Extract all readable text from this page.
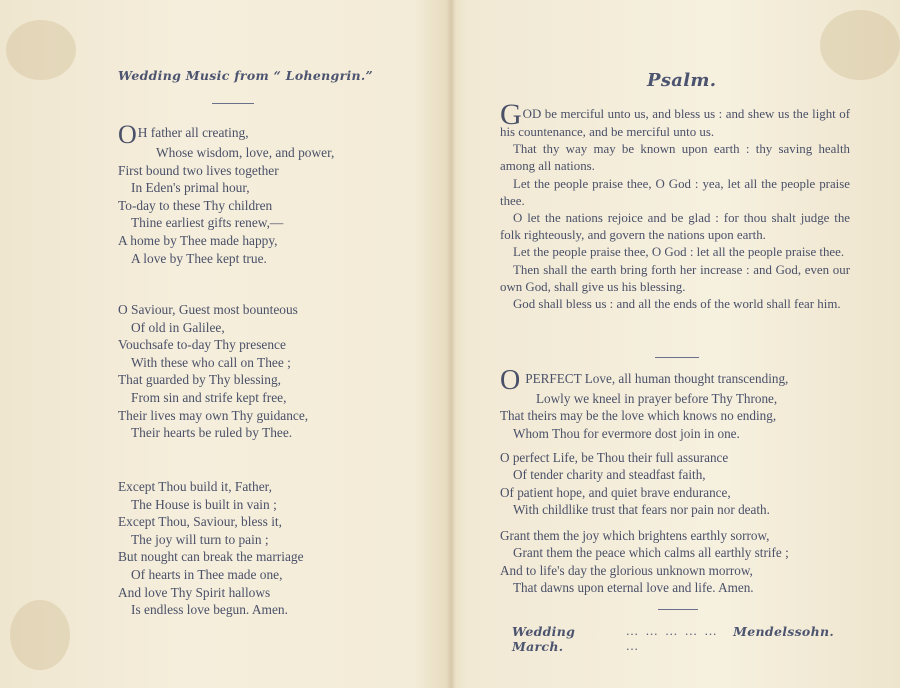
Wedding Music from “ Lohengrin.”
OH father all creating,
Whose wisdom, love, and power,
First bound two lives together
In Eden's primal hour,
To-day to these Thy children
Thine earliest gifts renew,—
A home by Thee made happy,
A love by Thee kept true.
O Saviour, Guest most bounteous
Of old in Galilee,
Vouchsafe to-day Thy presence
With these who call on Thee ;
That guarded by Thy blessing,
From sin and strife kept free,
Their lives may own Thy guidance,
Their hearts be ruled by Thee.
Except Thou build it, Father,
The House is built in vain ;
Except Thou, Saviour, bless it,
The joy will turn to pain ;
But nought can break the marriage
Of hearts in Thee made one,
And love Thy Spirit hallows
Is endless love begun. Amen.
Psalm.

GOD be merciful unto us, and bless us : and shew us the light of his countenance, and be merciful unto us.

That thy way may be known upon earth : thy saving health among all nations.

Let the people praise thee, O God : yea, let all the people praise thee.

O let the nations rejoice and be glad : for thou shalt judge the folk righteously, and govern the nations upon earth.

Let the people praise thee, O God : let all the people praise thee.

Then shall the earth bring forth her increase : and God, even our own God, shall give us his blessing.

God shall bless us : and all the ends of the world shall fear him.

OPERFECT Love, all human thought transcending,
Lowly we kneel in prayer before Thy Throne,
That theirs may be the love which knows no ending,
Whom Thou for evermore dost join in one.
O perfect Life, be Thou their full assurance
Of tender charity and steadfast faith,
Of patient hope, and quiet brave endurance,
With childlike trust that fears nor pain nor death.
Grant them the joy which brightens earthly sorrow,
Grant them the peace which calms all earthly strife ;
And to life's day the glorious unknown morrow,
That dawns upon eternal love and life. Amen.
Wedding March.
… … … … … …
Mendelssohn.
